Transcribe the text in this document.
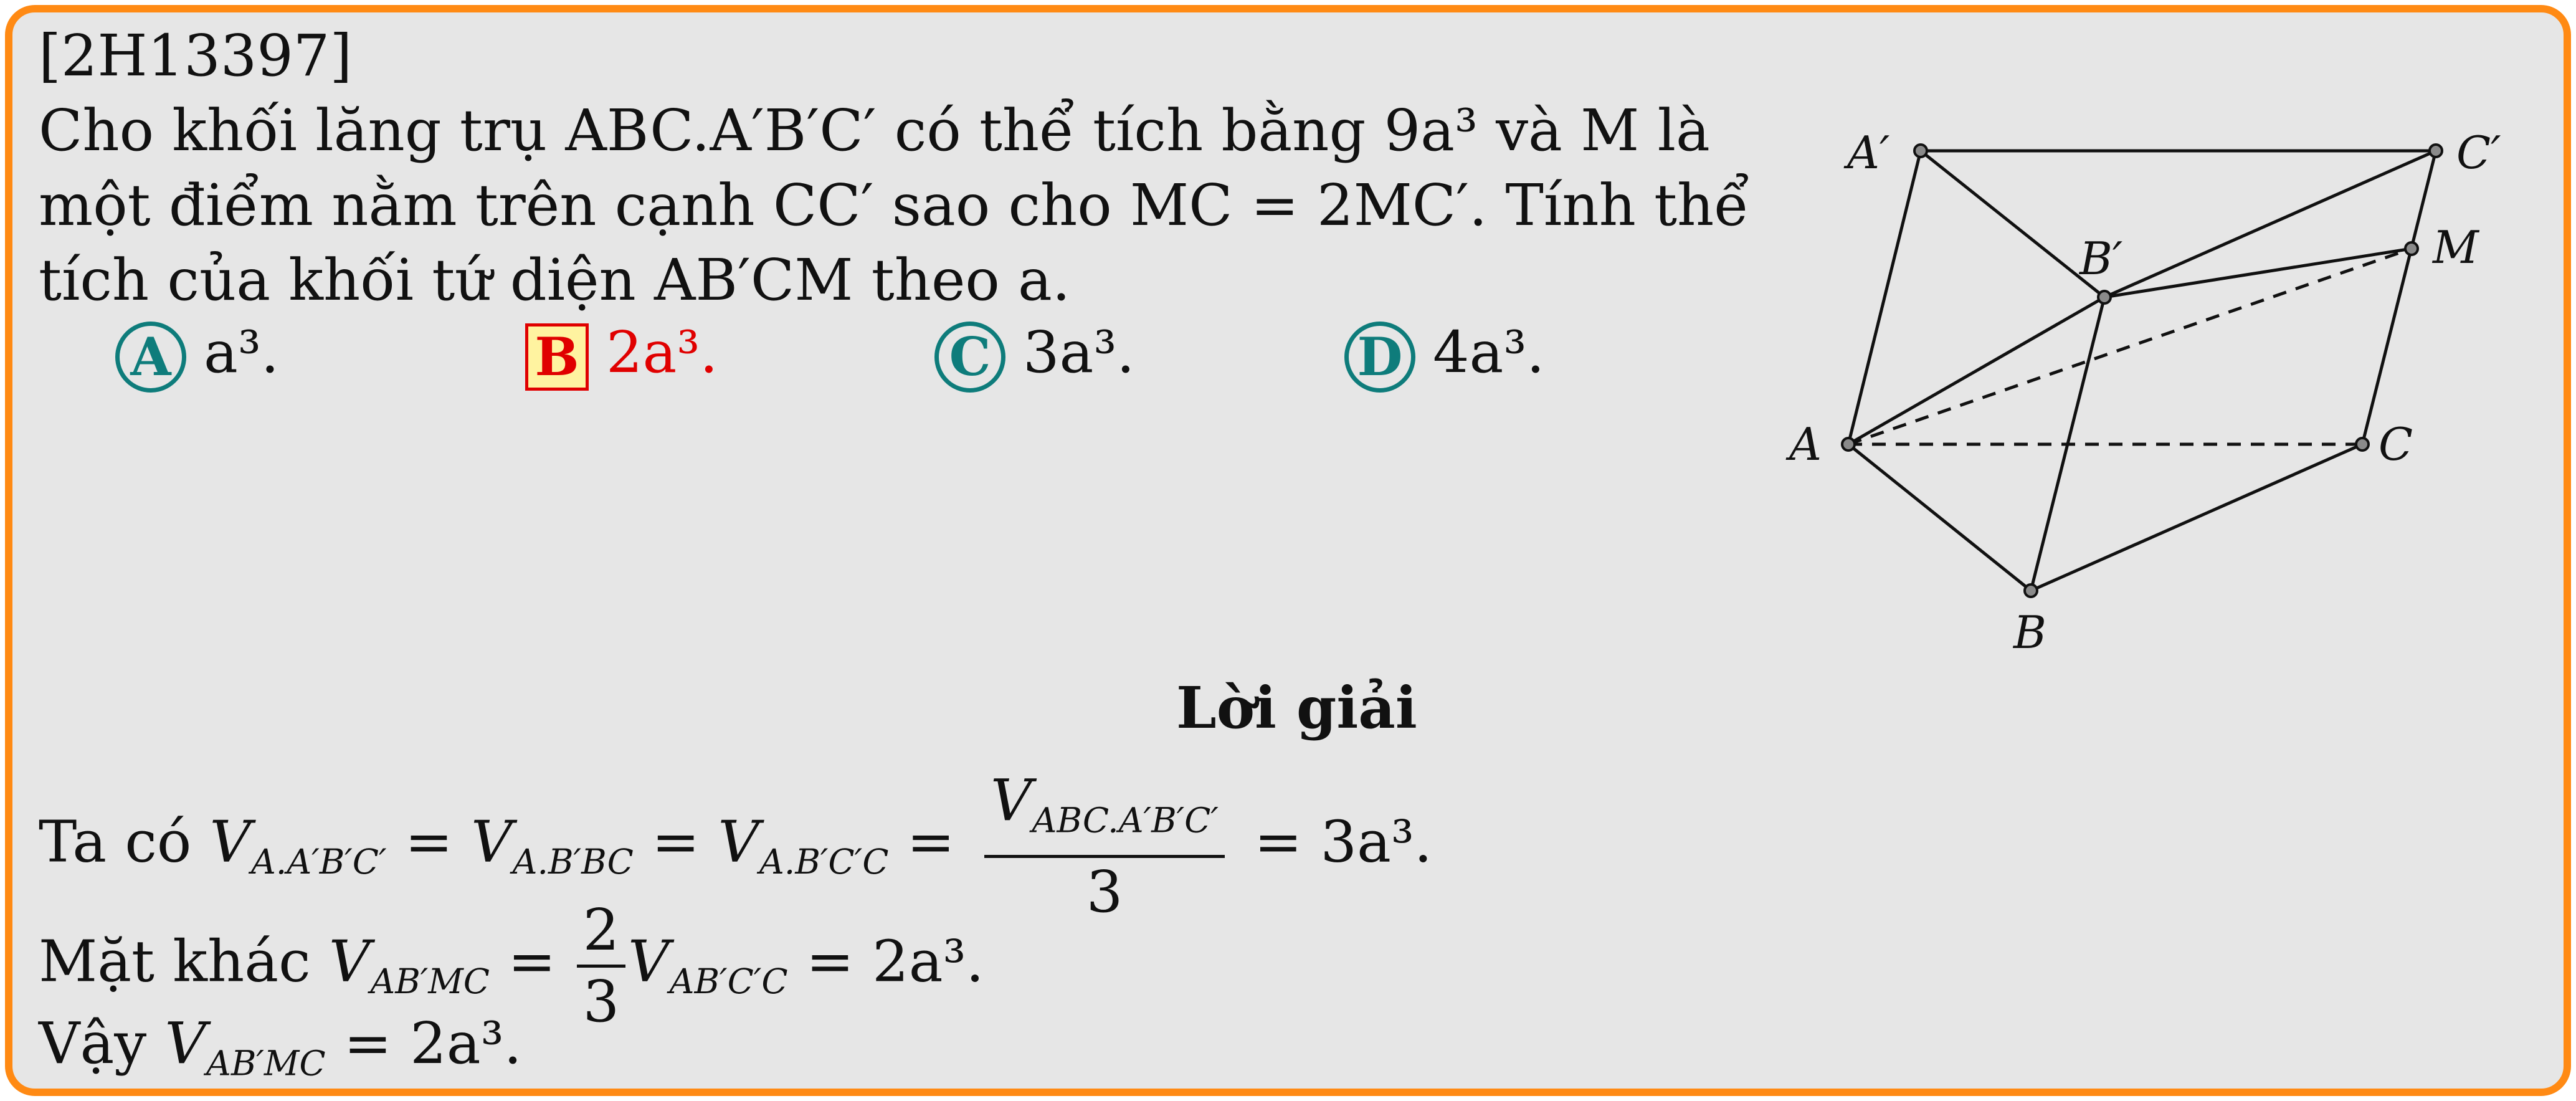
[2H13397]
Cho khối lăng trụ ABC.A′B′C′ có thể tích bằng 9a³ và M là
một điểm nằm trên cạnh CC′ sao cho MC = 2MC′. Tính thể
tích của khối tứ diện AB′CM theo a.
A a³.	B 2a³.	C 3a³.	D 4a³.
A′	C′
B′	M
A	C
B
Lời giải
Ta có $V_{A.A'B'C'} = V_{A.B'BC} = V_{A.B'C'C} = \frac{V_{ABC.A'B'C'}}{3} = 3a^3$.
Mặt khác $V_{AB'MC} = \frac{2}{3} V_{AB'C'C} = 2a^3$.
Vậy $V_{AB'MC} = 2a^3$.
